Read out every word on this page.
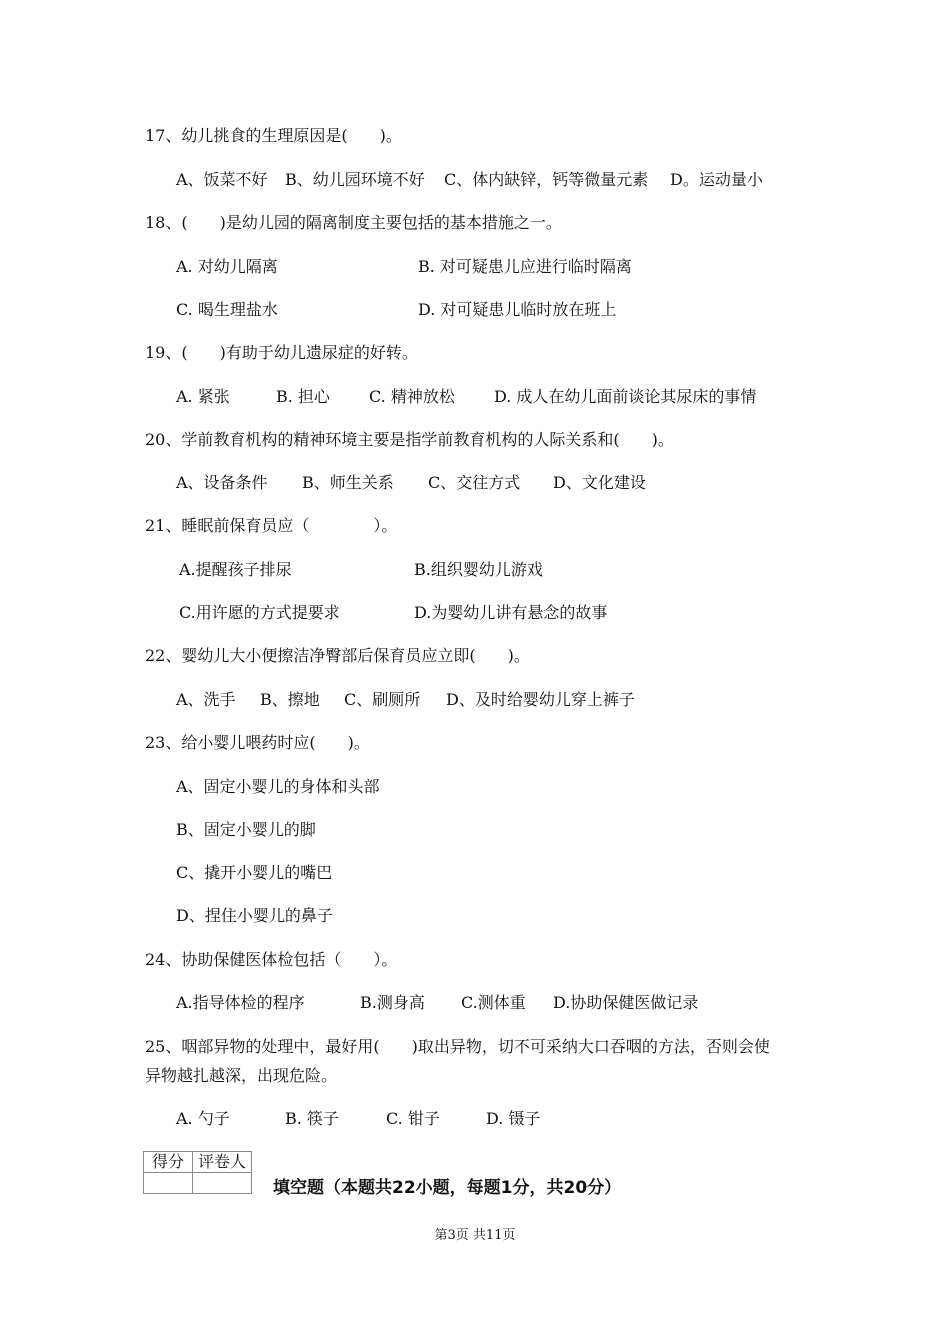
17、幼儿挑食的生理原因是(　　)。
A、饭菜不好 B、幼儿园环境不好 C、体内缺锌，钙等微量元素 D。运动量小
18、(　　)是幼儿园的隔离制度主要包括的基本措施之一。
A. 对幼儿隔离	B. 对可疑患儿应进行临时隔离
C. 喝生理盐水	D. 对可疑患儿临时放在班上
19、(　　)有助于幼儿遗尿症的好转。
A. 紧张	B. 担心 C. 精神放松 D. 成人在幼儿面前谈论其尿床的事情
20、学前教育机构的精神环境主要是指学前教育机构的人际关系和(　　)。
A、设备条件 B、师生关系 C、交往方式 D、文化建设
21、睡眠前保育员应（　　　　）。
A.提醒孩子排尿	B.组织婴幼儿游戏
C.用许愿的方式提要求	D.为婴幼儿讲有悬念的故事
22、婴幼儿大小便擦洁净臀部后保育员应立即(　　)。
A、洗手 B、擦地 C、刷厕所 D、及时给婴幼儿穿上裤子
23、给小婴儿喂药时应(　　)。
A、固定小婴儿的身体和头部
B、固定小婴儿的脚
C、撬开小婴儿的嘴巴
D、捏住小婴儿的鼻子
24、协助保健医体检包括（　　）。
A.指导体检的程序	B.测身高 C.测体重 D.协助保健医做记录
25、咽部异物的处理中，最好用(　　)取出异物，切不可采纳大口吞咽的方法，否则会使
异物越扎越深，出现危险。
A. 勺子	B. 筷子	C. 钳子	D. 镊子
得分	评卷人

填空题（本题共22小题，每题1分，共20分）
第3页 共11页
